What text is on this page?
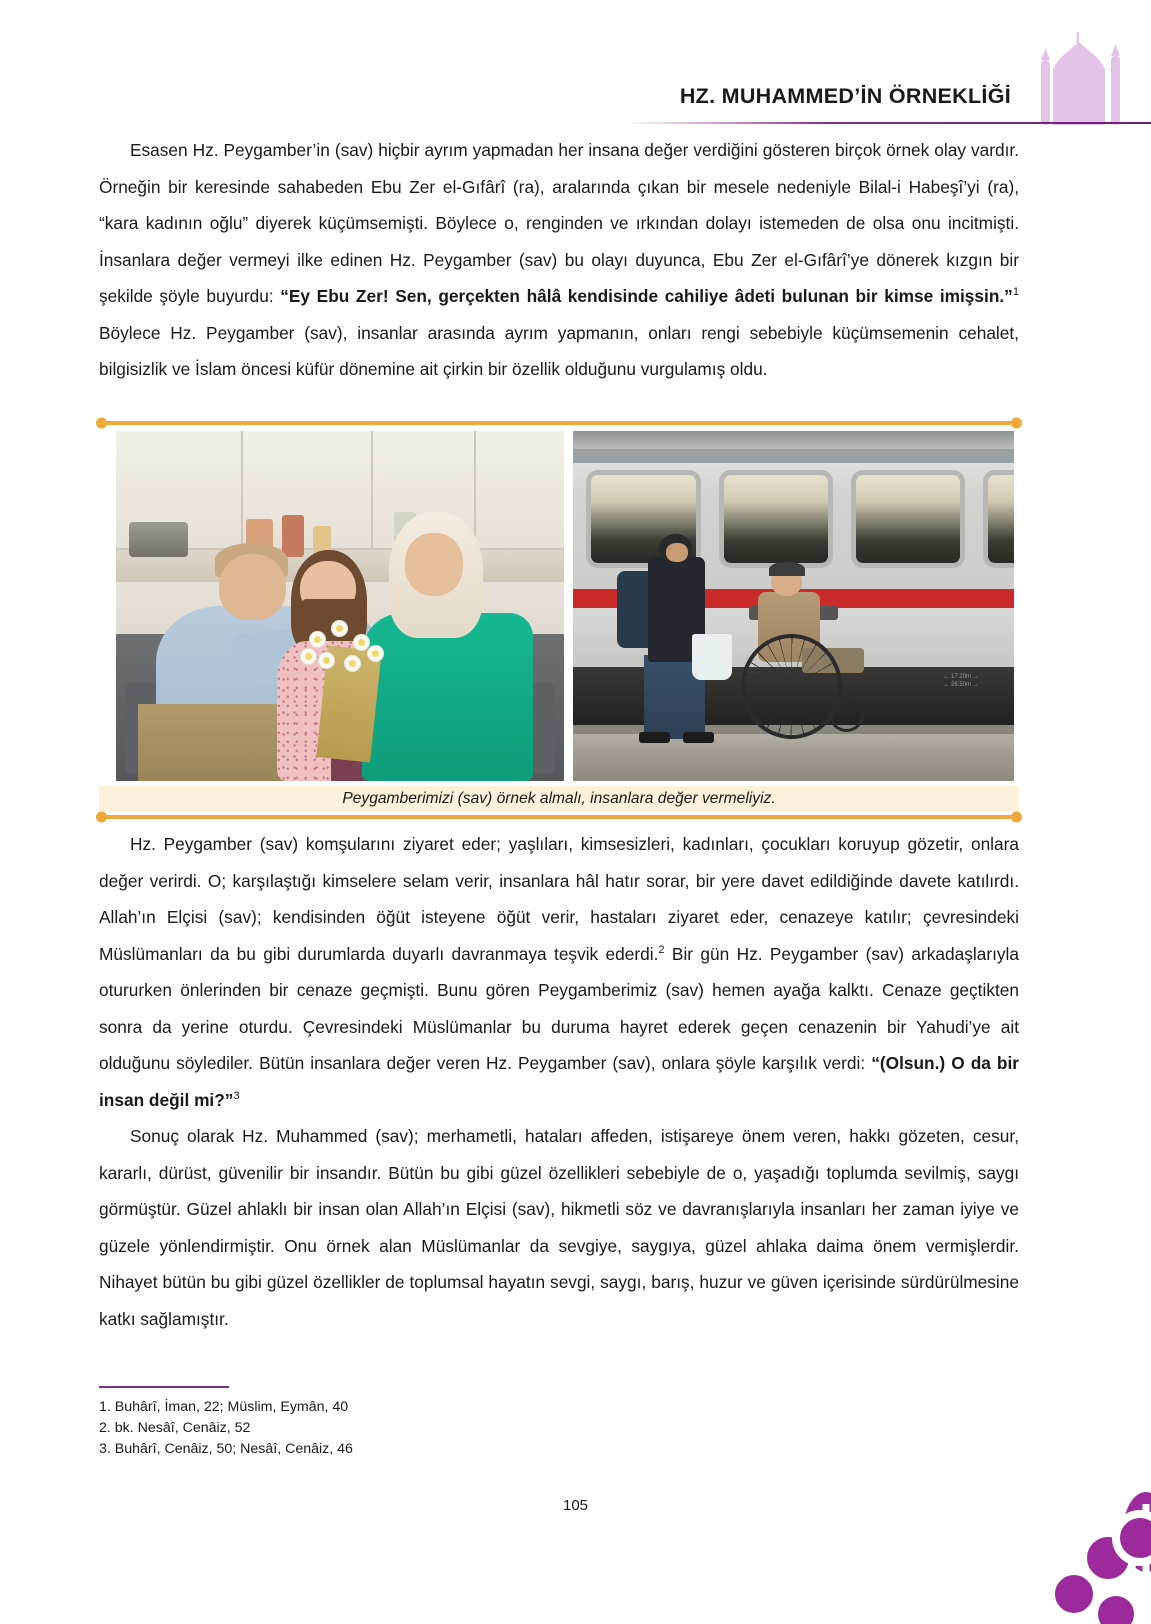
HZ. MUHAMMED’İN ÖRNEKLİĞİ

Esasen Hz. Peygamber’in (sav) hiçbir ayrım yapmadan her insana değer verdiğini gösteren birçok örnek olay vardır. Örneğin bir keresinde sahabeden Ebu Zer el-Gıfârî (ra), aralarında çıkan bir mesele nedeniyle Bilal-i Habeşî’yi (ra), “kara kadının oğlu” diyerek küçümsemişti. Böylece o, renginden ve ırkından dolayı istemeden de olsa onu incitmişti. İnsanlara değer vermeyi ilke edinen Hz. Peygamber (sav) bu olayı duyunca, Ebu Zer el-Gıfârî’ye dönerek kızgın bir şekilde şöyle buyurdu: “Ey Ebu Zer! Sen, gerçekten hâlâ kendisinde cahiliye âdeti bulunan bir kimse imişsin.”$^1$ Böylece Hz. Peygamber (sav), insanlar arasında ayrım yapmanın, onları rengi sebebiyle küçümsemenin cehalet, bilgisizlik ve İslam öncesi küfür dönemine ait çirkin bir özellik olduğunu vurgulamış oldu.

← 17.20m →
← 26.50m →
Peygamberimizi (sav) örnek almalı, insanlara değer vermeliyiz.

Hz. Peygamber (sav) komşularını ziyaret eder; yaşlıları, kimsesizleri, kadınları, çocukları koruyup gözetir, onlara değer verirdi. O; karşılaştığı kimselere selam verir, insanlara hâl hatır sorar, bir yere davet edildiğinde davete katılırdı. Allah’ın Elçisi (sav); kendisinden öğüt isteyene öğüt verir, hastaları ziyaret eder, cenazeye katılır; çevresindeki Müslümanları da bu gibi durumlarda duyarlı davranmaya teşvik ederdi.$^2$ Bir gün Hz. Peygamber (sav) arkadaşlarıyla otururken önlerinden bir cenaze geçmişti. Bunu gören Peygamberimiz (sav) hemen ayağa kalktı. Cenaze geçtikten sonra da yerine oturdu. Çevresindeki Müslümanlar bu duruma hayret ederek geçen cenazenin bir Yahudi’ye ait olduğunu söylediler. Bütün insanlara değer veren Hz. Peygamber (sav), onlara şöyle karşılık verdi: “(Olsun.) O da bir insan değil mi?”$^3$

Sonuç olarak Hz. Muhammed (sav); merhametli, hataları affeden, istişareye önem veren, hakkı gözeten, cesur, kararlı, dürüst, güvenilir bir insandır. Bütün bu gibi güzel özellikleri sebebiyle de o, yaşadığı toplumda sevilmiş, saygı görmüştür. Güzel ahlaklı bir insan olan Allah’ın Elçisi (sav), hikmetli söz ve davranışlarıyla insanları her zaman iyiye ve güzele yönlendirmiştir. Onu örnek alan Müslümanlar da sevgiye, saygıya, güzel ahlaka daima önem vermişlerdir. Nihayet bütün bu gibi güzel özellikler de toplumsal hayatın sevgi, saygı, barış, huzur ve güven içerisinde sürdürülmesine katkı sağlamıştır.

1. Buhârî, İman, 22; Müslim, Eymân, 40
2. bk. Nesâî, Cenâiz, 52
3. Buhârî, Cenâiz, 50; Nesâî, Cenâiz, 46
105
